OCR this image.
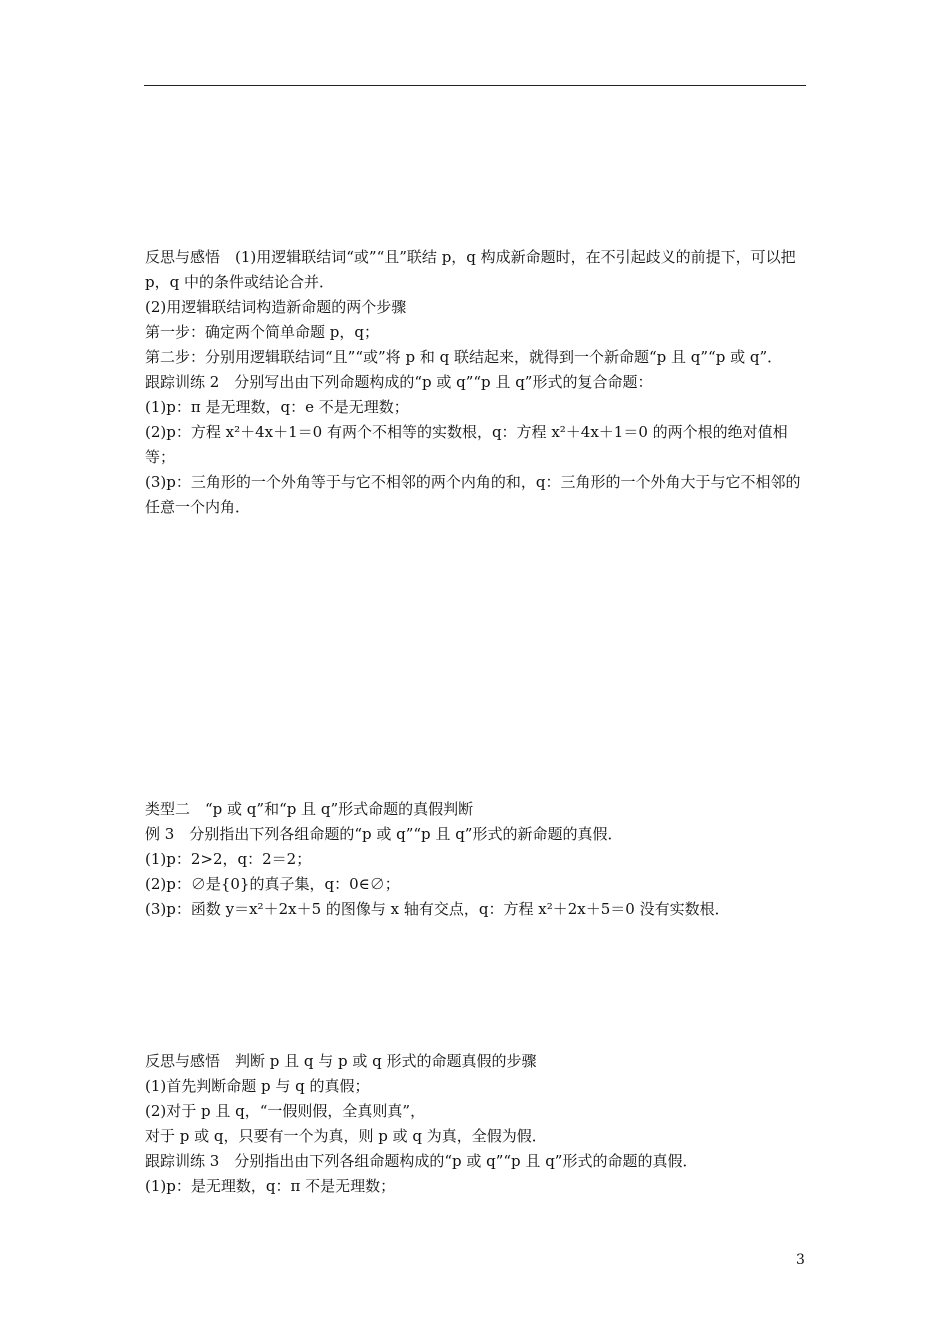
反思与感悟　(1)用逻辑联结词“或”“且”联结 p，q 构成新命题时，在不引起歧义的前提下，可以把 p，q 中的条件或结论合并．

(2)用逻辑联结词构造新命题的两个步骤

第一步：确定两个简单命题 p，q；

第二步：分别用逻辑联结词“且”“或”将 p 和 q 联结起来，就得到一个新命题“p 且 q”“p 或 q”．

跟踪训练 2　分别写出由下列命题构成的“p 或 q”“p 且 q”形式的复合命题：

(1)p：π 是无理数，q：e 不是无理数；

(2)p：方程 x²＋4x＋1＝0 有两个不相等的实数根，q：方程 x²＋4x＋1＝0 的两个根的绝对值相等；

(3)p：三角形的一个外角等于与它不相邻的两个内角的和，q：三角形的一个外角大于与它不相邻的任意一个内角．

类型二　“p 或 q”和“p 且 q”形式命题的真假判断

例 3　分别指出下列各组命题的“p 或 q”“p 且 q”形式的新命题的真假．

(1)p：2>2，q：2＝2；

(2)p：∅是{0}的真子集，q：0∈∅；

(3)p：函数 y＝x²＋2x＋5 的图像与 x 轴有交点，q：方程 x²＋2x＋5＝0 没有实数根．

反思与感悟　判断 p 且 q 与 p 或 q 形式的命题真假的步骤

(1)首先判断命题 p 与 q 的真假；

(2)对于 p 且 q，“一假则假，全真则真”，

对于 p 或 q，只要有一个为真，则 p 或 q 为真，全假为假．

跟踪训练 3　分别指出由下列各组命题构成的“p 或 q”“p 且 q”形式的命题的真假．

(1)p：是无理数，q：π 不是无理数；

3
